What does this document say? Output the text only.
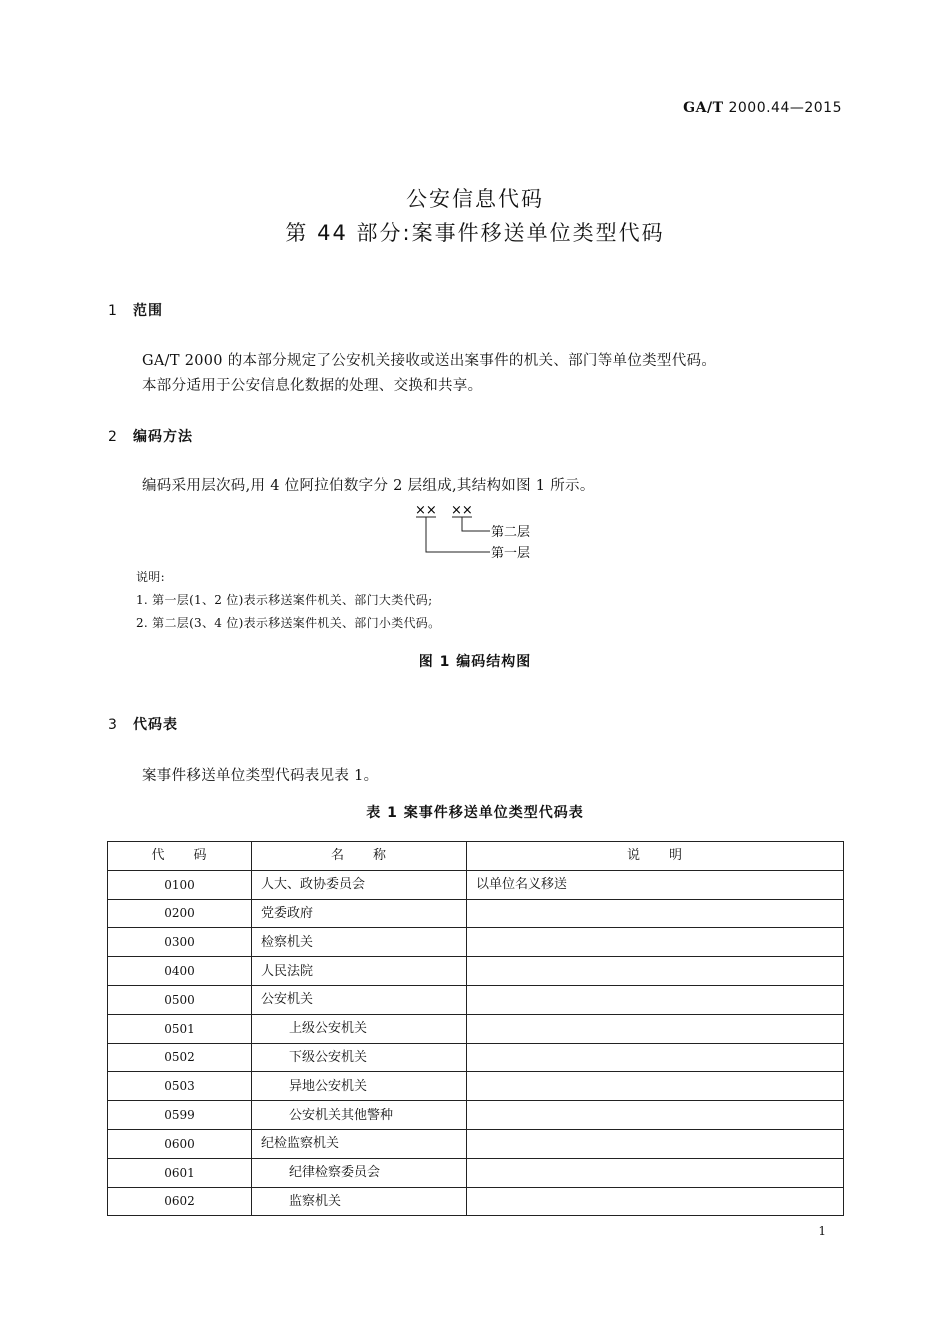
GA/T 2000.44—2015
公安信息代码
第 44 部分:案事件移送单位类型代码
1 范围
GA/T 2000 的本部分规定了公安机关接收或送出案事件的机关、部门等单位类型代码。
本部分适用于公安信息化数据的处理、交换和共享。
2 编码方法
编码采用层次码,用 4 位阿拉伯数字分 2 层组成,其结构如图 1 所示。
×× ××
第二层
第一层
说明:
1. 第一层(1、2 位)表示移送案件机关、部门大类代码;
2. 第二层(3、4 位)表示移送案件机关、部门小类代码。
图 1 编码结构图
3 代码表
案事件移送单位类型代码表见表 1。
表 1 案事件移送单位类型代码表
代　　码	名　　称	说　　明
0100	人大、政协委员会	以单位名义移送
0200	党委政府	
0300	检察机关	
0400	人民法院	
0500	公安机关	
0501	上级公安机关	
0502	下级公安机关	
0503	异地公安机关	
0599	公安机关其他警种	
0600	纪检监察机关	
0601	纪律检察委员会	
0602	监察机关	
1
